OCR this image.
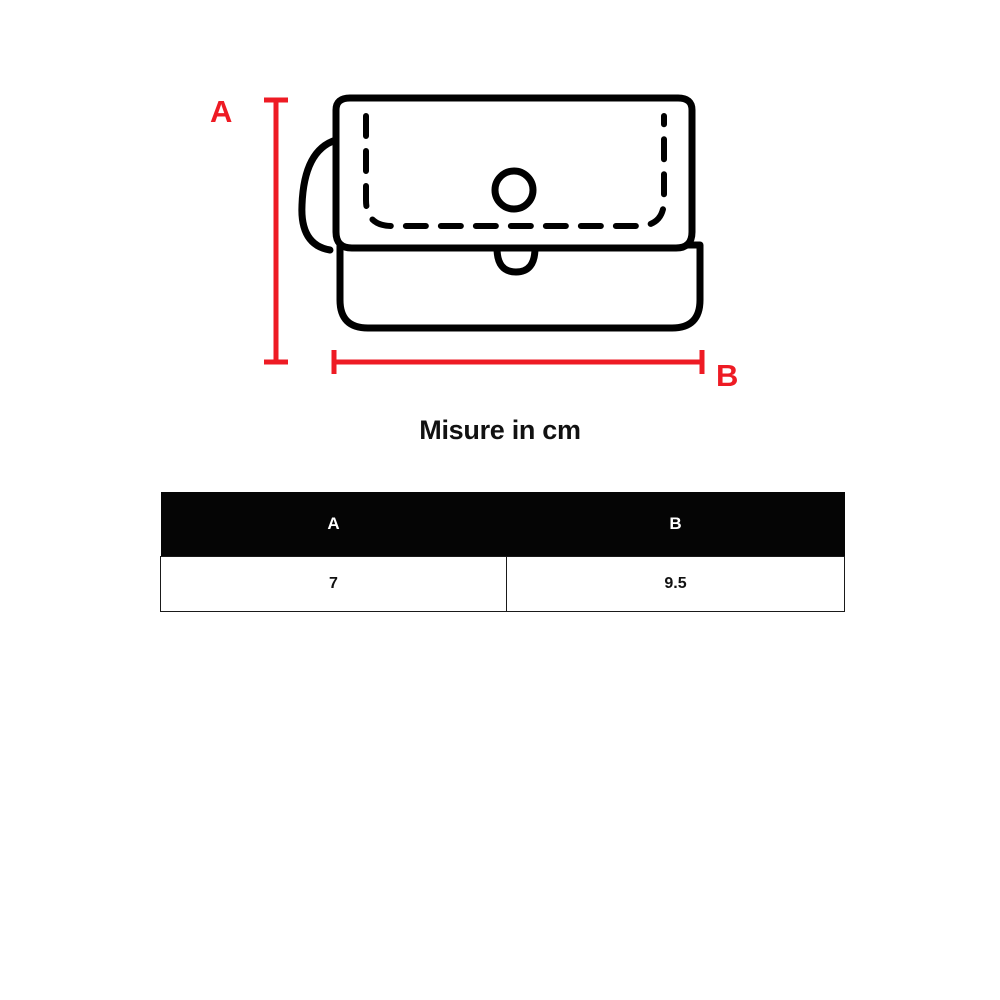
A
B
Misure in cm
A	B
7	9.5
